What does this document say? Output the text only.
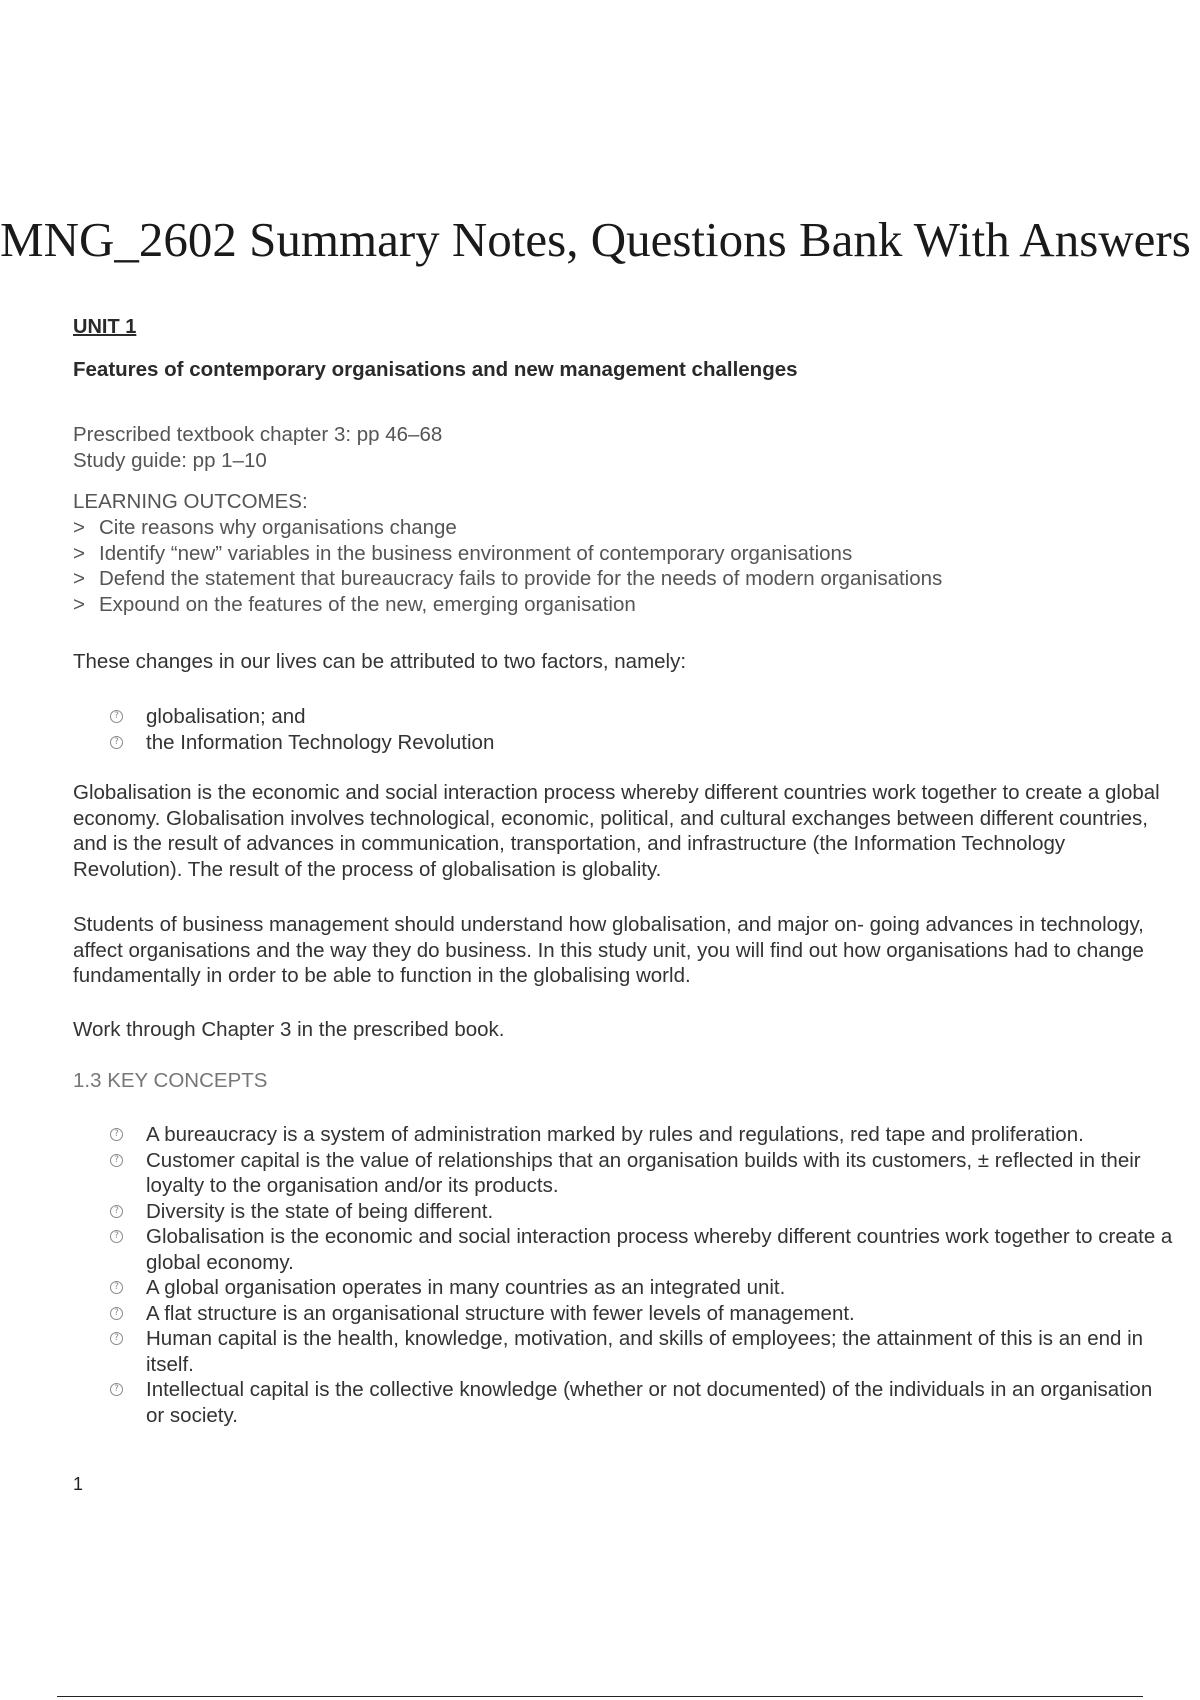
MNG_2602 Summary Notes, Questions Bank With Answers
UNIT 1
Features of contemporary organisations and new management challenges
Prescribed textbook chapter 3: pp 46–68
Study guide: pp 1–10
LEARNING OUTCOMES:
> Cite reasons why organisations change
> Identify “new” variables in the business environment of contemporary organisations
> Defend the statement that bureaucracy fails to provide for the needs of modern organisations
> Expound on the features of the new, emerging organisation

These changes in our lives can be attributed to two factors, namely:

? globalisation; and
? the Information Technology Revolution

Globalisation is the economic and social interaction process whereby different countries work together to create a global economy. Globalisation involves technological, economic, political, and cultural exchanges between different countries, and is the result of advances in communication, transportation, and infrastructure (the Information Technology Revolution). The result of the process of globalisation is globality.

Students of business management should understand how globalisation, and major on- going advances in technology, affect organisations and the way they do business. In this study unit, you will find out how organisations had to change fundamentally in order to be able to function in the globalising world.

Work through Chapter 3 in the prescribed book.

1.3 KEY CONCEPTS
? A bureaucracy is a system of administration marked by rules and regulations, red tape and proliferation.
? Customer capital is the value of relationships that an organisation builds with its customers, ± reflected in their loyalty to the organisation and/or its products.
? Diversity is the state of being different.
? Globalisation is the economic and social interaction process whereby different countries work together to create a global economy.
? A global organisation operates in many countries as an integrated unit.
? A flat structure is an organisational structure with fewer levels of management.
? Human capital is the health, knowledge, motivation, and skills of employees; the attainment of this is an end in itself.
? Intellectual capital is the collective knowledge (whether or not documented) of the individuals in an organisation or society.
1
